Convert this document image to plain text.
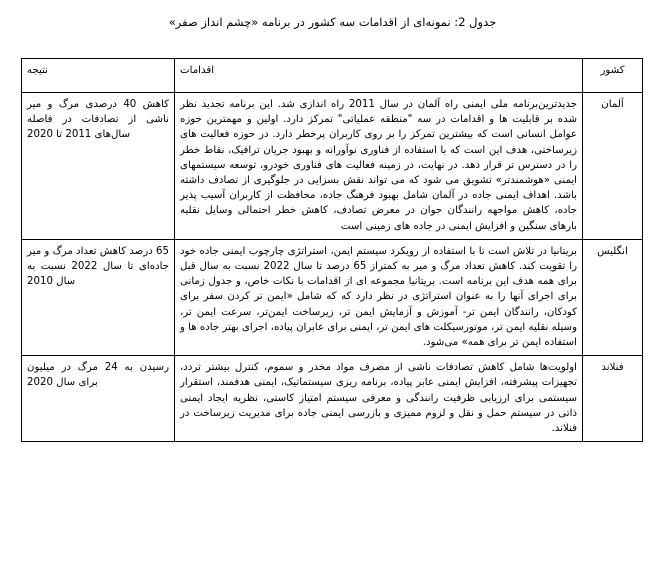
جدول 2: نمونه‌ای از اقدامات سه کشور در برنامه «چشم انداز صفر»
کشور	اقدامات	نتیجه
آلمان	جدیدترین‌برنامه ملی ایمنی راه آلمان در سال 2011 راه اندازی شد. این برنامه تجدید نظر شده بر قابلیت ها و اقدامات در سه "منطقه عملیاتی" تمرکز دارد. اولین و مهمترین حوزه عوامل انسانی است که بیشترین تمرکز را بر روی کاربران پرخطر دارد. در حوزه فعالیت های زیرساختی، هدف این است که با استفاده از فناوری نوآورانه و بهبود جریان ترافیک، نقاط خطر را در دسترس تر قرار دهد. در نهایت، در زمینه فعالیت های فناوری خودرو، توسعه سیستمهای ایمنی «هوشمندتر» تشویق می شود که می تواند نقش بسزایی در جلوگیری از تصادف داشته باشد. اهداف ایمنی جاده در آلمان شامل بهبود فرهنگ جاده، محافظت از کاربران آسیب پذیر جاده، کاهش مواجهه رانندگان جوان در معرض تصادف، کاهش خطر احتمالی وسایل نقلیه بارهای سنگین و افزایش ایمنی در جاده های زمینی است	کاهش 40 درصدی مرگ و میر ناشی از تصادفات در فاصله سال‌های 2011 تا 2020

انگلیس	بریتانیا در تلاش است تا با استفاده از رویکرد سیستم ایمن، استراتژی چارچوب ایمنی جاده خود را تقویت کند. کاهش تعداد مرگ و میر به کمتراز 65 درصد تا سال 2022 نسبت به سال قبل برای همه هدف این برنامه است. بریتانیا مجموعه ای از اقدامات با نکات خاص، و جدول زمانی برای اجرای آنها را به عنوان استراتژی در نظر دارد که که شامل «ایمن تر کردن سفر برای کودکان، رانندگان ایمن تر- آموزش و آزمایش ایمن تر، زیرساخت ایمن‌تر، سرعت ایمن تر، وسیله نقلیه ایمن تر، موتورسیکلت های ایمن تر، ایمنی برای عابران پیاده، اجرای بهتر جاده ها و استفاده ایمن تر برای همه» می‌شود.	65 درصد کاهش تعداد مرگ و میر جاده‌ای تا سال 2022 نسبت به سال 2010

فنلاند	اولویت‌ها شامل کاهش تصادفات ناشی از مصرف مواد مخدر و سموم، کنترل بیشتر تردد، تجهیزات پیشرفته، افزایش ایمنی عابر پیاده، برنامه ریزی سیستماتیک، ایمنی هدفمند، استقرار سیستمی برای ارزیابی ظرفیت رانندگی و معرفی سیستم امتیاز کاستی، نظریه ایجاد ایمنی ذاتی در سیستم حمل و نقل و لزوم ممیزی و بازرسی ایمنی جاده برای مدیریت زیرساخت در فنلاند.	رسیدن به 24 مرگ در میلیون برای سال 2020
